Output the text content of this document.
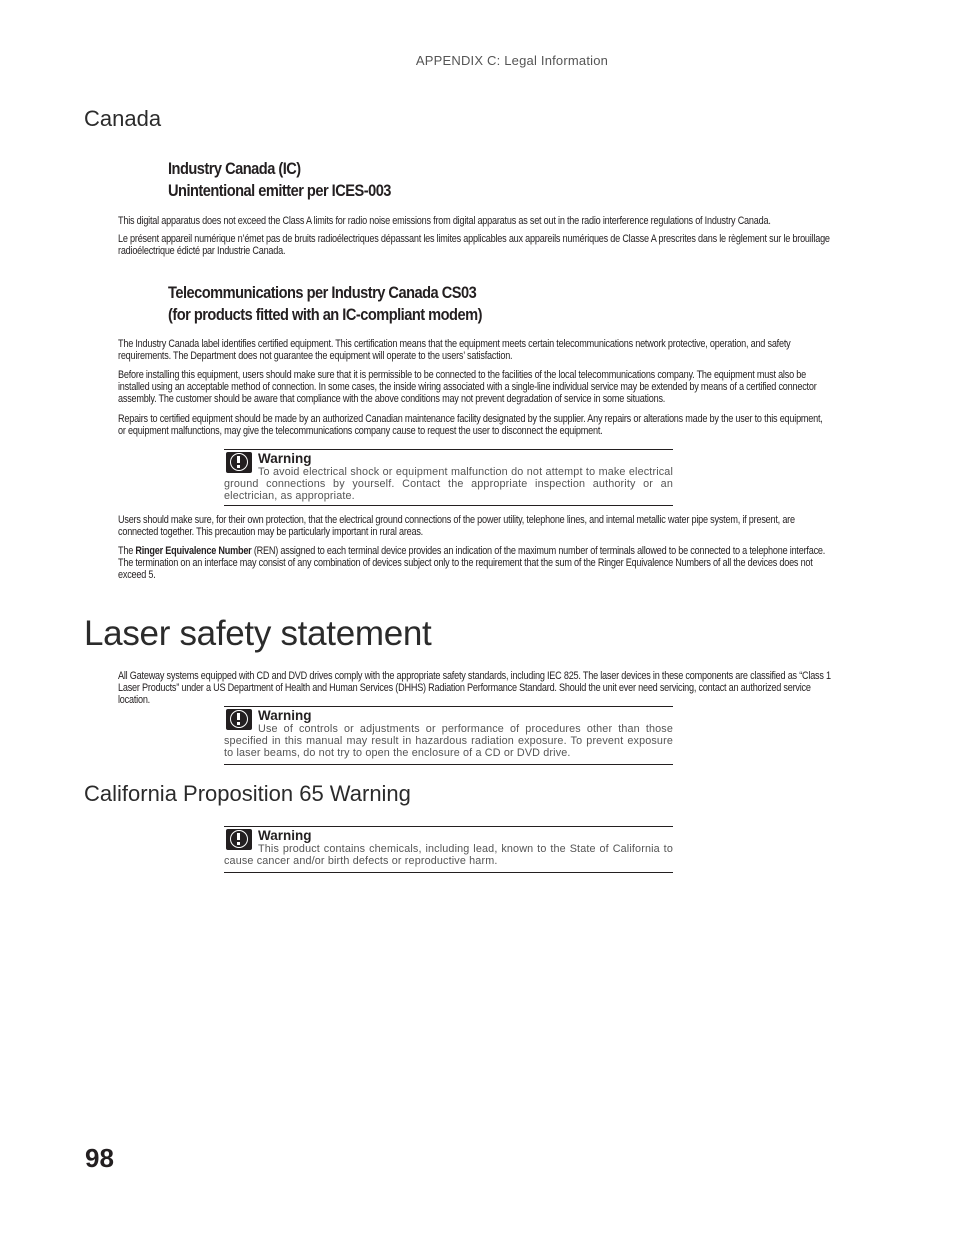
APPENDIX C: Legal Information
Canada
Industry Canada (IC)
Unintentional emitter per ICES-003

This digital apparatus does not exceed the Class A limits for radio noise emissions from digital apparatus as set out in the radio interference regulations of Industry Canada.

Le présent appareil numérique n’émet pas de bruits radioélectriques dépassant les limites applicables aux appareils numériques de Classe A prescrites dans le règlement sur le brouillage radioélectrique édicté par Industrie Canada.

Telecommunications per Industry Canada CS03
(for products fitted with an IC-compliant modem)

The Industry Canada label identifies certified equipment. This certification means that the equipment meets certain telecommunications network protective, operation, and safety requirements. The Department does not guarantee the equipment will operate to the users’ satisfaction.

Before installing this equipment, users should make sure that it is permissible to be connected to the facilities of the local telecommunications company. The equipment must also be installed using an acceptable method of connection. In some cases, the inside wiring associated with a single-line individual service may be extended by means of a certified connector assembly. The customer should be aware that compliance with the above conditions may not prevent degradation of service in some situations.

Repairs to certified equipment should be made by an authorized Canadian maintenance facility designated by the supplier. Any repairs or alterations made by the user to this equipment, or equipment malfunctions, may give the telecommunications company cause to request the user to disconnect the equipment.

Warning
To avoid electrical shock or equipment malfunction do not attempt to make electrical ground connections by yourself. Contact the appropriate inspection authority or an electrician, as appropriate.

Users should make sure, for their own protection, that the electrical ground connections of the power utility, telephone lines, and internal metallic water pipe system, if present, are connected together. This precaution may be particularly important in rural areas.

The Ringer Equivalence Number (REN) assigned to each terminal device provides an indication of the maximum number of terminals allowed to be connected to a telephone interface. The termination on an interface may consist of any combination of devices subject only to the requirement that the sum of the Ringer Equivalence Numbers of all the devices does not exceed 5.

Laser safety statement

All Gateway systems equipped with CD and DVD drives comply with the appropriate safety standards, including IEC 825. The laser devices in these components are classified as “Class 1 Laser Products” under a US Department of Health and Human Services (DHHS) Radiation Performance Standard. Should the unit ever need servicing, contact an authorized service location.

Warning
Use of controls or adjustments or performance of procedures other than those specified in this manual may result in hazardous radiation exposure. To prevent exposure to laser beams, do not try to open the enclosure of a CD or DVD drive.
California Proposition 65 Warning
Warning
This product contains chemicals, including lead, known to the State of California to cause cancer and/or birth defects or reproductive harm.
98
